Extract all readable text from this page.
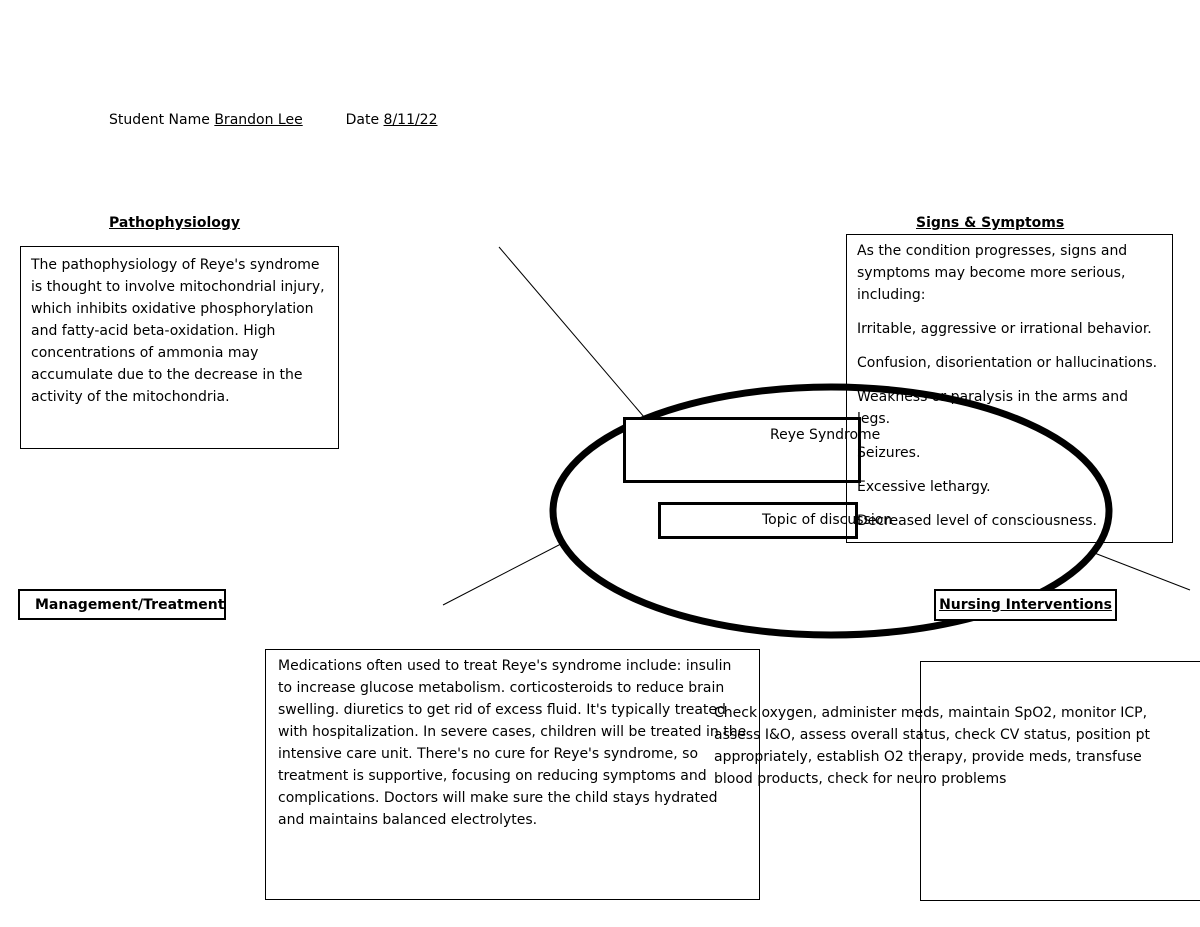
Student Name Brandon Lee	Date 8/11/22
Pathophysiology
The pathophysiology of Reye's syndrome is thought to involve mitochondrial injury, which inhibits oxidative phosphorylation and fatty-acid beta-oxidation. High concentrations of ammonia may accumulate due to the decrease in the activity of the mitochondria.
Reye Syndrome
Topic of discussion
Signs & Symptoms

As the condition progresses, signs and symptoms may become more serious, including:

Irritable, aggressive or irrational behavior.

Confusion, disorientation or hallucinations.

Weakness or paralysis in the arms and legs.

Seizures.

Excessive lethargy.

Decreased level of consciousness.

Management/Treatment
Medications often used to treat Reye's syndrome include: insulin to increase glucose metabolism. corticosteroids to reduce brain swelling. diuretics to get rid of excess fluid. It's typically treated with hospitalization. In severe cases, children will be treated in the intensive care unit. There's no cure for Reye's syndrome, so treatment is supportive, focusing on reducing symptoms and complications. Doctors will make sure the child stays hydrated and maintains balanced electrolytes.
Nursing Interventions
Check oxygen, administer meds, maintain SpO2, monitor ICP, assess I&O, assess overall status, check CV status, position pt appropriately, establish O2 therapy, provide meds, transfuse blood products, check for neuro problems
